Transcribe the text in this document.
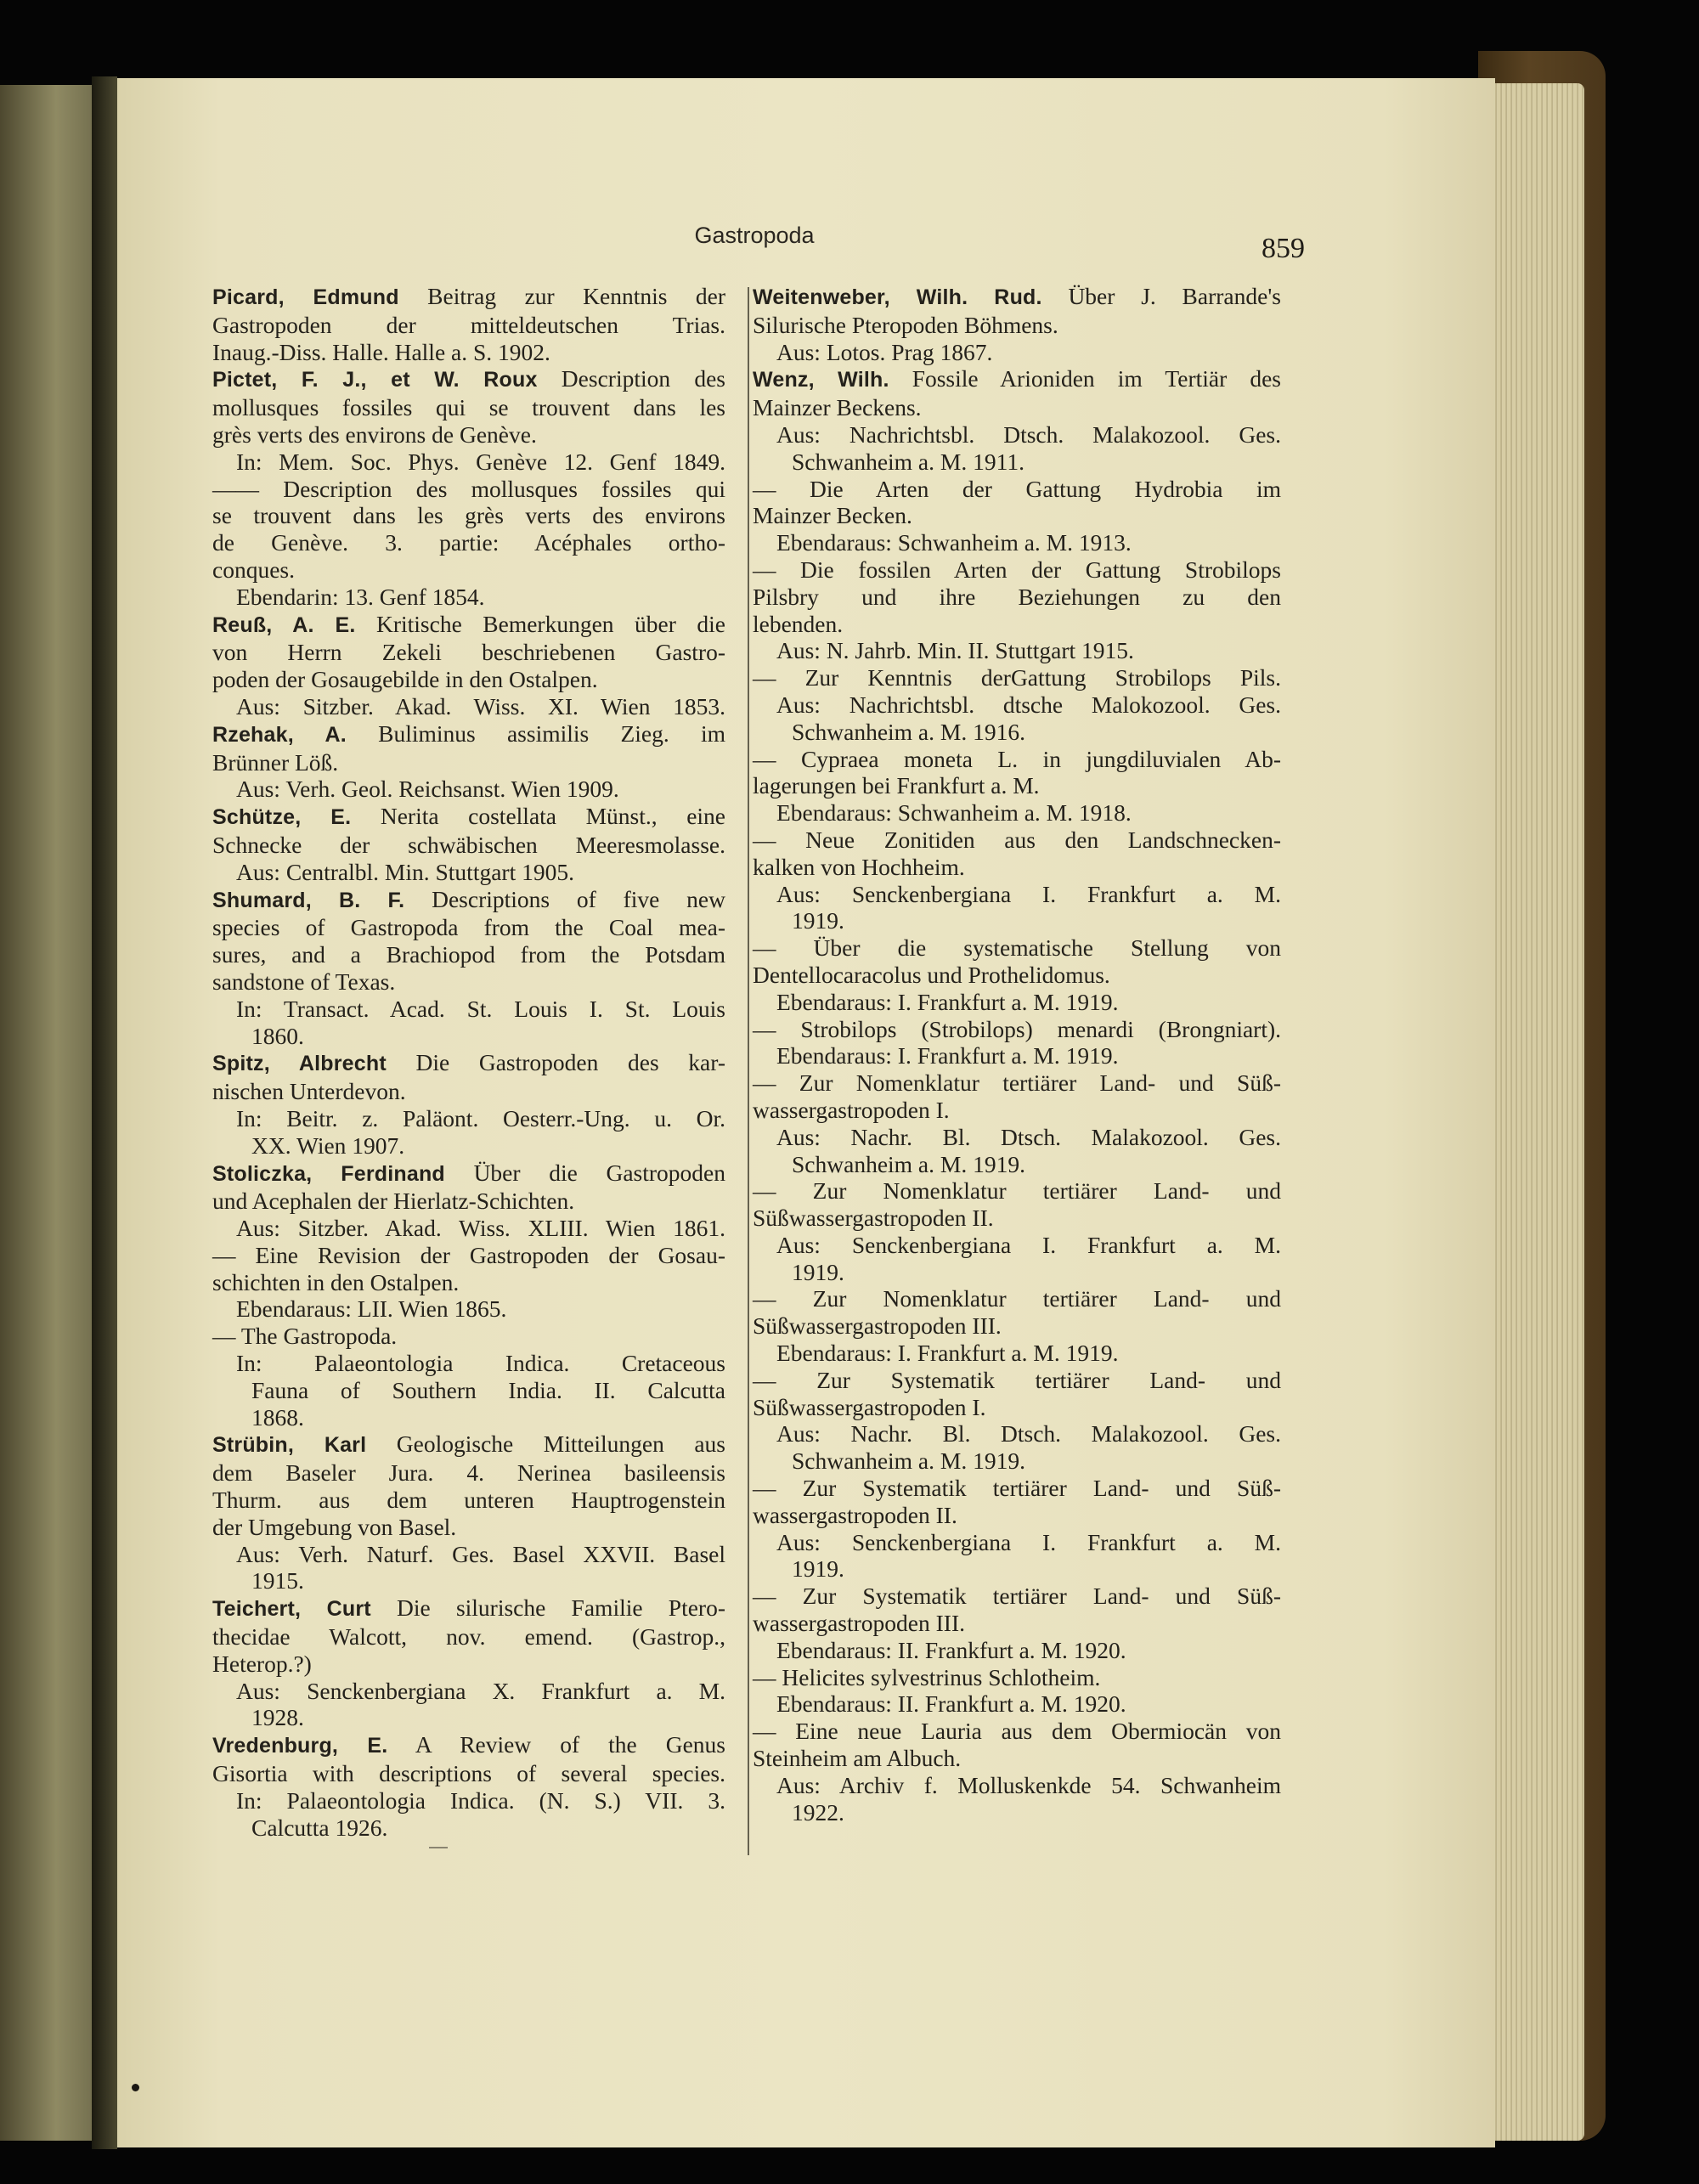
Gastropoda	859
Picard, Edmund Beitrag zur Kenntnis der
Gastropoden der mitteldeutschen Trias.
Inaug.-Diss. Halle. Halle a. S. 1902.
Pictet, F. J., et W. Roux Description des
mollusques fossiles qui se trouvent dans les
grès verts des environs de Genève.
In: Mem. Soc. Phys. Genève 12. Genf 1849.
—— Description des mollusques fossiles qui
se trouvent dans les grès verts des environs
de Genève. 3. partie: Acéphales ortho-
conques.
Ebendarin: 13. Genf 1854.
Reuß, A. E. Kritische Bemerkungen über die
von Herrn Zekeli beschriebenen Gastro-
poden der Gosaugebilde in den Ostalpen.
Aus: Sitzber. Akad. Wiss. XI. Wien 1853.
Rzehak, A. Buliminus assimilis Zieg. im
Brünner Löß.
Aus: Verh. Geol. Reichsanst. Wien 1909.
Schütze, E. Nerita costellata Münst., eine
Schnecke der schwäbischen Meeresmolasse.
Aus: Centralbl. Min. Stuttgart 1905.
Shumard, B. F. Descriptions of five new
species of Gastropoda from the Coal mea-
sures, and a Brachiopod from the Potsdam
sandstone of Texas.
In: Transact. Acad. St. Louis I. St. Louis
1860.
Spitz, Albrecht Die Gastropoden des kar-
nischen Unterdevon.
In: Beitr. z. Paläont. Oesterr.-Ung. u. Or.
XX. Wien 1907.
Stoliczka, Ferdinand Über die Gastropoden
und Acephalen der Hierlatz-Schichten.
Aus: Sitzber. Akad. Wiss. XLIII. Wien 1861.
— Eine Revision der Gastropoden der Gosau-
schichten in den Ostalpen.
Ebendaraus: LII. Wien 1865.
— The Gastropoda.
In: Palaeontologia Indica. Cretaceous
Fauna of Southern India. II. Calcutta
1868.
Strübin, Karl Geologische Mitteilungen aus
dem Baseler Jura. 4. Nerinea basileensis
Thurm. aus dem unteren Hauptrogenstein
der Umgebung von Basel.
Aus: Verh. Naturf. Ges. Basel XXVII. Basel
1915.
Teichert, Curt Die silurische Familie Ptero-
thecidae Walcott, nov. emend. (Gastrop.,
Heterop.?)
Aus: Senckenbergiana X. Frankfurt a. M.
1928.
Vredenburg, E. A Review of the Genus
Gisortia with descriptions of several species.
In: Palaeontologia Indica. (N. S.) VII. 3.
Calcutta 1926.
Weitenweber, Wilh. Rud. Über J. Barrande's
Silurische Pteropoden Böhmens.
Aus: Lotos. Prag 1867.
Wenz, Wilh. Fossile Arioniden im Tertiär des
Mainzer Beckens.
Aus: Nachrichtsbl. Dtsch. Malakozool. Ges.
Schwanheim a. M. 1911.
— Die Arten der Gattung Hydrobia im
Mainzer Becken.
Ebendaraus: Schwanheim a. M. 1913.
— Die fossilen Arten der Gattung Strobilops
Pilsbry und ihre Beziehungen zu den
lebenden.
Aus: N. Jahrb. Min. II. Stuttgart 1915.
— Zur Kenntnis derGattung Strobilops Pils.
Aus: Nachrichtsbl. dtsche Malokozool. Ges.
Schwanheim a. M. 1916.
— Cypraea moneta L. in jungdiluvialen Ab-
lagerungen bei Frankfurt a. M.
Ebendaraus: Schwanheim a. M. 1918.
— Neue Zonitiden aus den Landschnecken-
kalken von Hochheim.
Aus: Senckenbergiana I. Frankfurt a. M.
1919.
— Über die systematische Stellung von
Dentellocaracolus und Prothelidomus.
Ebendaraus: I. Frankfurt a. M. 1919.
— Strobilops (Strobilops) menardi (Brongniart).
Ebendaraus: I. Frankfurt a. M. 1919.
— Zur Nomenklatur tertiärer Land- und Süß-
wassergastropoden I.
Aus: Nachr. Bl. Dtsch. Malakozool. Ges.
Schwanheim a. M. 1919.
— Zur Nomenklatur tertiärer Land- und
Süßwassergastropoden II.
Aus: Senckenbergiana I. Frankfurt a. M.
1919.
— Zur Nomenklatur tertiärer Land- und
Süßwassergastropoden III.
Ebendaraus: I. Frankfurt a. M. 1919.
— Zur Systematik tertiärer Land- und
Süßwassergastropoden I.
Aus: Nachr. Bl. Dtsch. Malakozool. Ges.
Schwanheim a. M. 1919.
— Zur Systematik tertiärer Land- und Süß-
wassergastropoden II.
Aus: Senckenbergiana I. Frankfurt a. M.
1919.
— Zur Systematik tertiärer Land- und Süß-
wassergastropoden III.
Ebendaraus: II. Frankfurt a. M. 1920.
— Helicites sylvestrinus Schlotheim.
Ebendaraus: II. Frankfurt a. M. 1920.
— Eine neue Lauria aus dem Obermiocän von
Steinheim am Albuch.
Aus: Archiv f. Molluskenkde 54. Schwanheim
1922.
